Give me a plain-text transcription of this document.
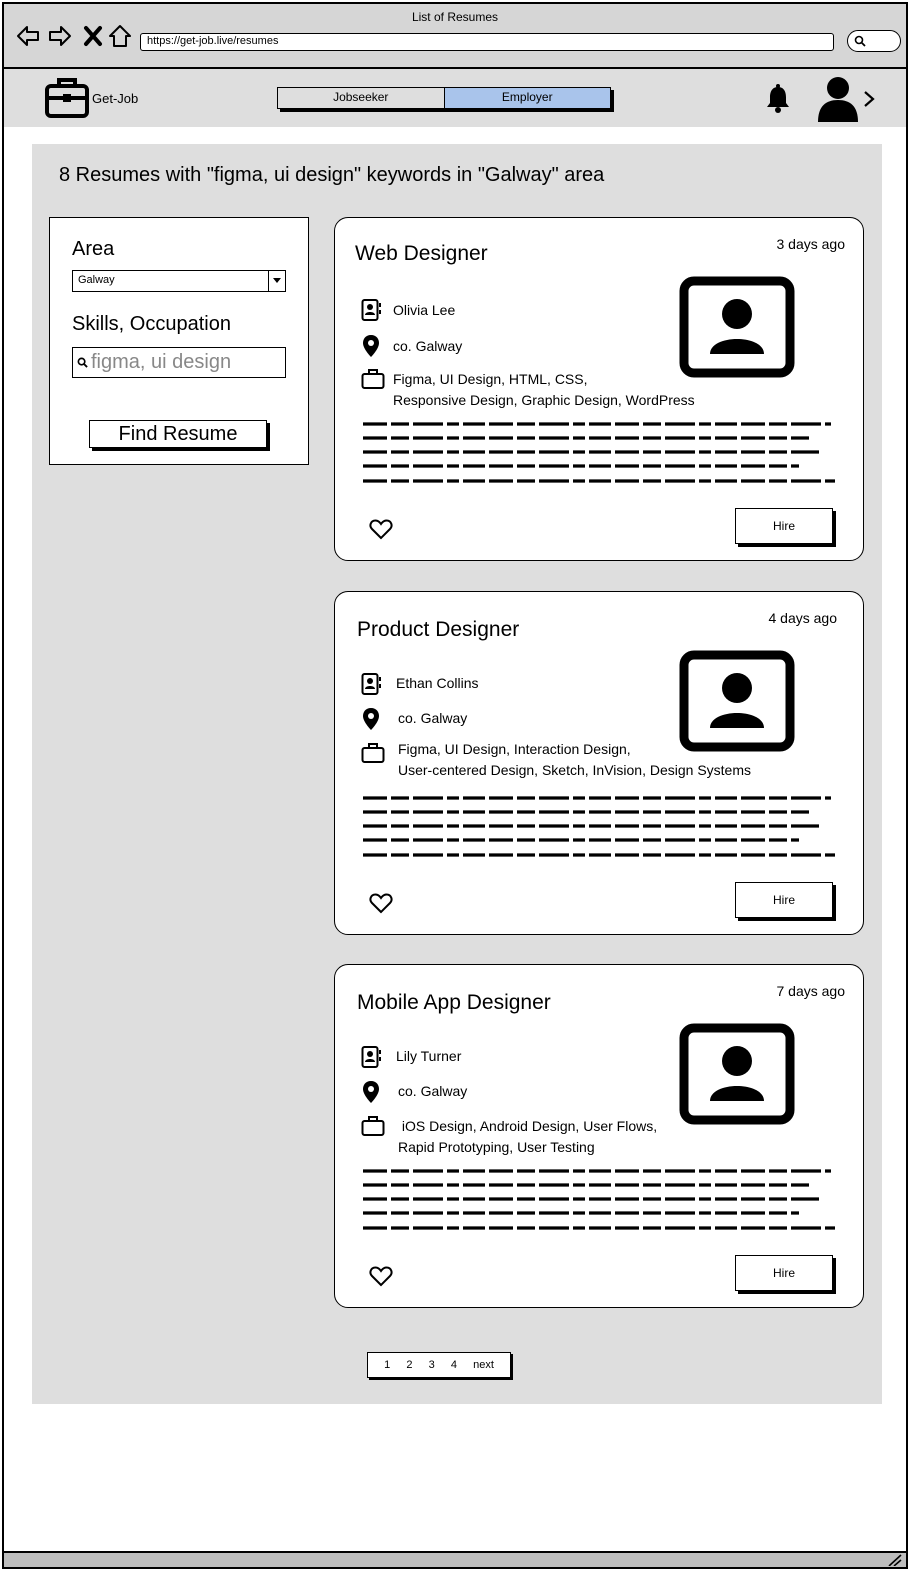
List of Resumes
https://get-job.live/resumes
Get-Job	Jobseeker	Employer
8 Resumes with "figma, ui design" keywords in "Galway" area
Area
Galway
Skills, Occupation
figma, ui design
Find Resume
Web Designer	3 days ago
Olivia Lee
co. Galway
Figma, UI Design, HTML, CSS,
Responsive Design, Graphic Design, WordPress
Hire
Product Designer	4 days ago
Ethan Collins
co. Galway
Figma, UI Design, Interaction Design,
User-centered Design, Sketch, InVision, Design Systems
Hire
Mobile App Designer	7 days ago
Lily Turner
co. Galway
iOS Design, Android Design, User Flows,
Rapid Prototyping, User Testing
Hire
1 2 3 4 next
